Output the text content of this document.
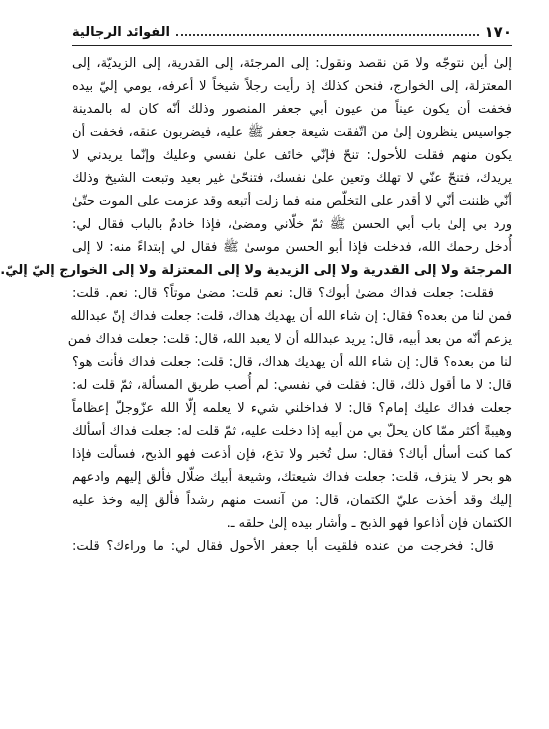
١٧٠
الفوائد الرجالية
إلىٰ أين نتوجّه ولا مَن نقصد ونقول: إلى المرجئة، إلى القدرية، إلى الزيديّة، إلى
المعتزلة، إلى الخوارج، فنحن كذلك إذ رأيت رجلاً شيخاً لا أعرفه، يومي إليّ بيده
فخفت أن يكون عيناً من عيون أبي جعفر المنصور وذلك أنّه كان له بالمدينة
جواسيس ينظرون إلىٰ من اتّفقت شيعة جعفر ﷺ عليه، فيضربون عنقه، فخفت أن
يكون منهم فقلت للأحول: تنحّ فإنّي خائف علىٰ نفسي وعليك وإنّما يريدني لا
يريدك، فتنحّ عنّي لا تهلك وتعين علىٰ نفسك، فتنحّىٰ غير بعيد وتبعت الشيخ وذلك
أنّي ظننت أنّي لا أقدر على التخلّص منه فما زلت أتبعه وقد عزمت على الموت حتّىٰ
ورد بي إلىٰ باب أبي الحسن ﷺ ثمّ خلّاني ومضىٰ، فإذا خادمٌ بالباب فقال لي:
أُدخل رحمك الله، فدخلت فإذا أبو الحسن موسىٰ ﷺ فقال لي إبتداءً منه: لا إلى
المرجئة ولا إلى القدرية ولا إلى الزيدية ولا إلى المعتزلة ولا إلى الخوارج إليّ إليّ.
فقلت: جعلت فداك مضىٰ أبوك؟ قال: نعم قلت: مضىٰ موتاً؟ قال: نعم. قلت:
فمن لنا من بعده؟ فقال: إن شاء الله أن يهديك هداك، قلت: جعلت فداك إنّ عبدالله
يزعم أنّه من بعد أبيه، قال: يريد عبدالله أن لا يعبد الله، قال: قلت: جعلت فداك فمن
لنا من بعده؟ قال: إن شاء الله أن يهديك هداك، قال: قلت: جعلت فداك فأنت هو؟
قال: لا ما أقول ذلك، قال: فقلت في نفسي: لم أُصب طريق المسألة، ثمّ قلت له:
جعلت فداك عليك إمام؟ قال: لا فداخلني شيء لا يعلمه إلّا الله عزّوجلّ إعظاماً
وهيبةً أكثر ممّا كان يحلّ بي من أبيه إذا دخلت عليه، ثمّ قلت له: جعلت فداك أسألك
كما كنت أسأل أباك؟ فقال: سل تُخبر ولا تذع، فإن أذعت فهو الذبح، فسألت فإذا
هو بحر لا ينزف، قلت: جعلت فداك شيعتك، وشيعة أبيك ضلّال فألق إليهم وادعهم
إليك وقد أخذت عليّ الكتمان، قال: من آنست منهم رشداً فألق إليه وخذ عليه
الكتمان فإن أذاعوا فهو الذبح ـ وأشار بيده إلىٰ حلقه ـ.
قال: فخرجت من عنده فلقيت أبا جعفر الأحول فقال لي: ما وراءك؟ قلت:
